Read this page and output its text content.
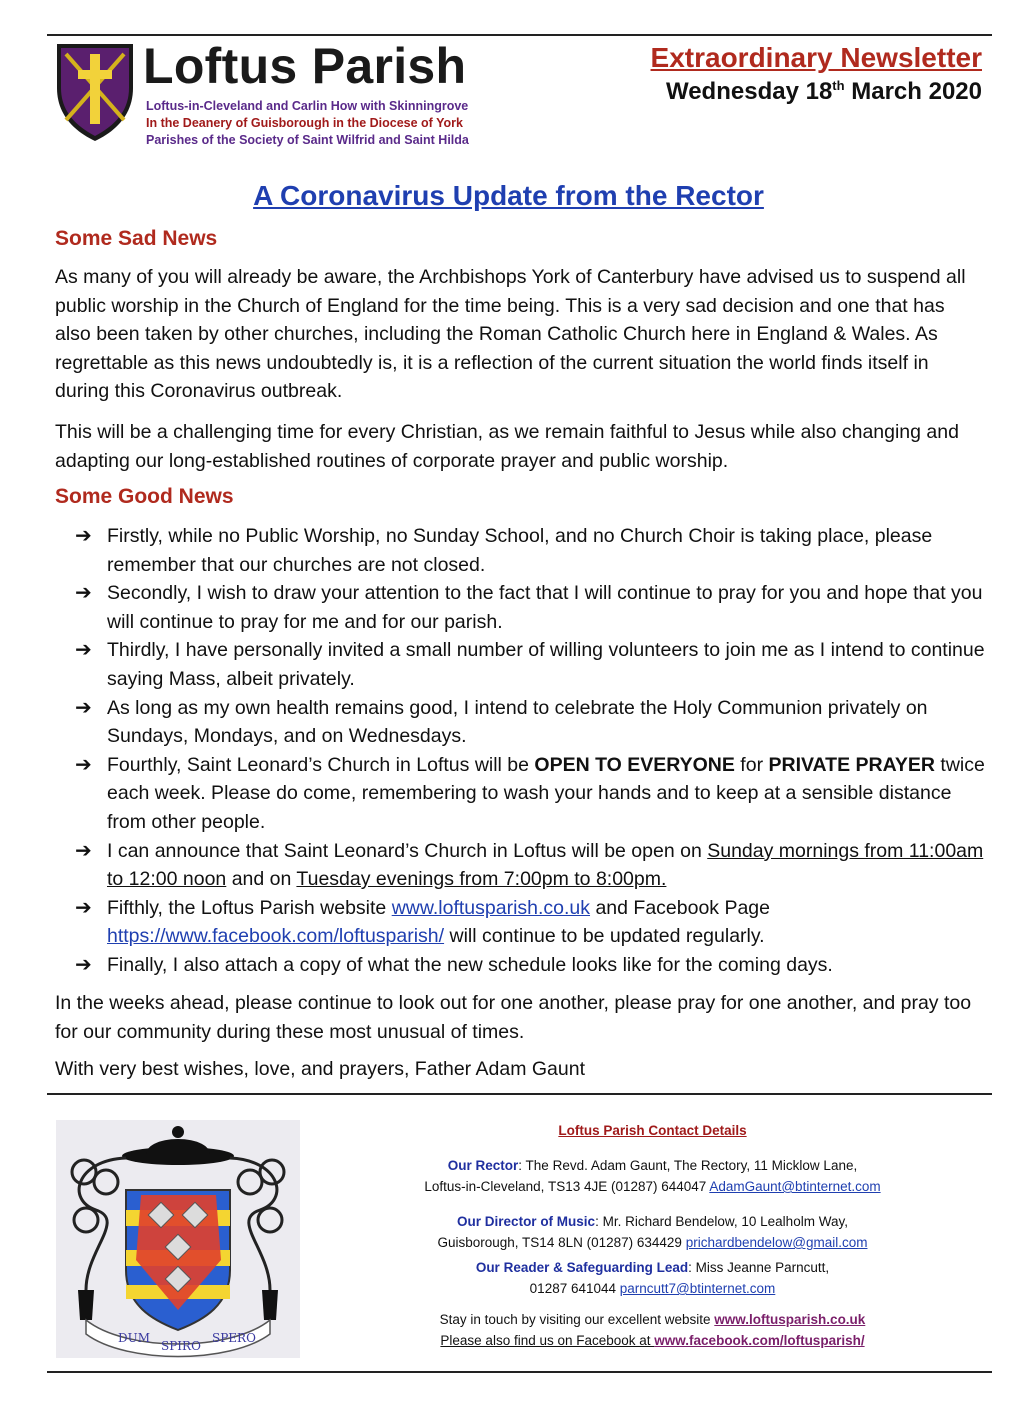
Loftus Parish
Loftus-in-Cleveland and Carlin How with Skinningrove
In the Deanery of Guisborough in the Diocese of York
Parishes of the Society of Saint Wilfrid and Saint Hilda
Extraordinary Newsletter
Wednesday 18th March 2020
A Coronavirus Update from the Rector
Some Sad News
As many of you will already be aware, the Archbishops York of Canterbury have advised us to suspend all public worship in the Church of England for the time being. This is a very sad decision and one that has also been taken by other churches, including the Roman Catholic Church here in England & Wales. As regrettable as this news undoubtedly is, it is a reflection of the current situation the world finds itself in during this Coronavirus outbreak.
This will be a challenging time for every Christian, as we remain faithful to Jesus while also changing and adapting our long-established routines of corporate prayer and public worship.
Some Good News
➔ Firstly, while no Public Worship, no Sunday School, and no Church Choir is taking place, please remember that our churches are not closed.
➔ Secondly, I wish to draw your attention to the fact that I will continue to pray for you and hope that you will continue to pray for me and for our parish.
➔ Thirdly, I have personally invited a small number of willing volunteers to join me as I intend to continue saying Mass, albeit privately.
➔ As long as my own health remains good, I intend to celebrate the Holy Communion privately on Sundays, Mondays, and on Wednesdays.
➔ Fourthly, Saint Leonard’s Church in Loftus will be OPEN TO EVERYONE for PRIVATE PRAYER twice each week. Please do come, remembering to wash your hands and to keep at a sensible distance from other people.
➔ I can announce that Saint Leonard’s Church in Loftus will be open on Sunday mornings from 11:00am to 12:00 noon and on Tuesday evenings from 7:00pm to 8:00pm.
➔ Fifthly, the Loftus Parish website www.loftusparish.co.uk and Facebook Page https://www.facebook.com/loftusparish/ will continue to be updated regularly.
➔ Finally, I also attach a copy of what the new schedule looks like for the coming days.
In the weeks ahead, please continue to look out for one another, please pray for one another, and pray too for our community during these most unusual of times.
With very best wishes, love, and prayers, Father Adam Gaunt
DUM
SPIRO
SPERO

Loftus Parish Contact Details

Our Rector: The Revd. Adam Gaunt, The Rectory, 11 Micklow Lane,

Loftus-in-Cleveland, TS13 4JE (01287) 644047 AdamGaunt@btinternet.com

Our Director of Music: Mr. Richard Bendelow, 10 Lealholm Way,

Guisborough, TS14 8LN (01287) 634429 prichardbendelow@gmail.com

Our Reader & Safeguarding Lead: Miss Jeanne Parncutt,

01287 641044 parncutt7@btinternet.com

Stay in touch by visiting our excellent website www.loftusparish.co.uk

Please also find us on Facebook at www.facebook.com/loftusparish/
